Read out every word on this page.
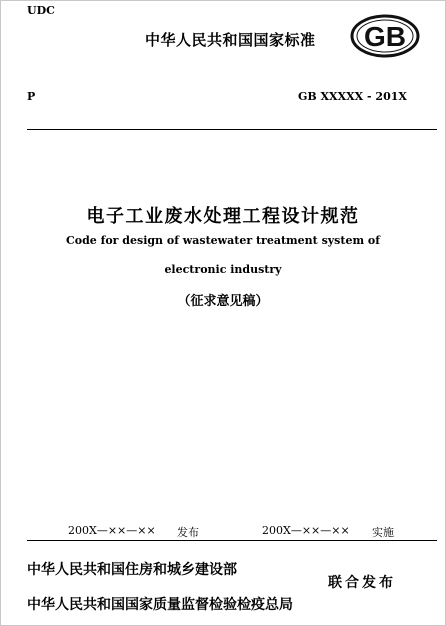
UDC
中华人民共和国国家标准 GB
P	GB XXXXX - 201X
电子工业废水处理工程设计规范
Code for design of wastewater treatment system of
electronic industry
（征求意见稿）
200X—××—×× 发布	200X—××—×× 实施
中华人民共和国住房和城乡建设部
中华人民共和国国家质量监督检验检疫总局
联合发布
